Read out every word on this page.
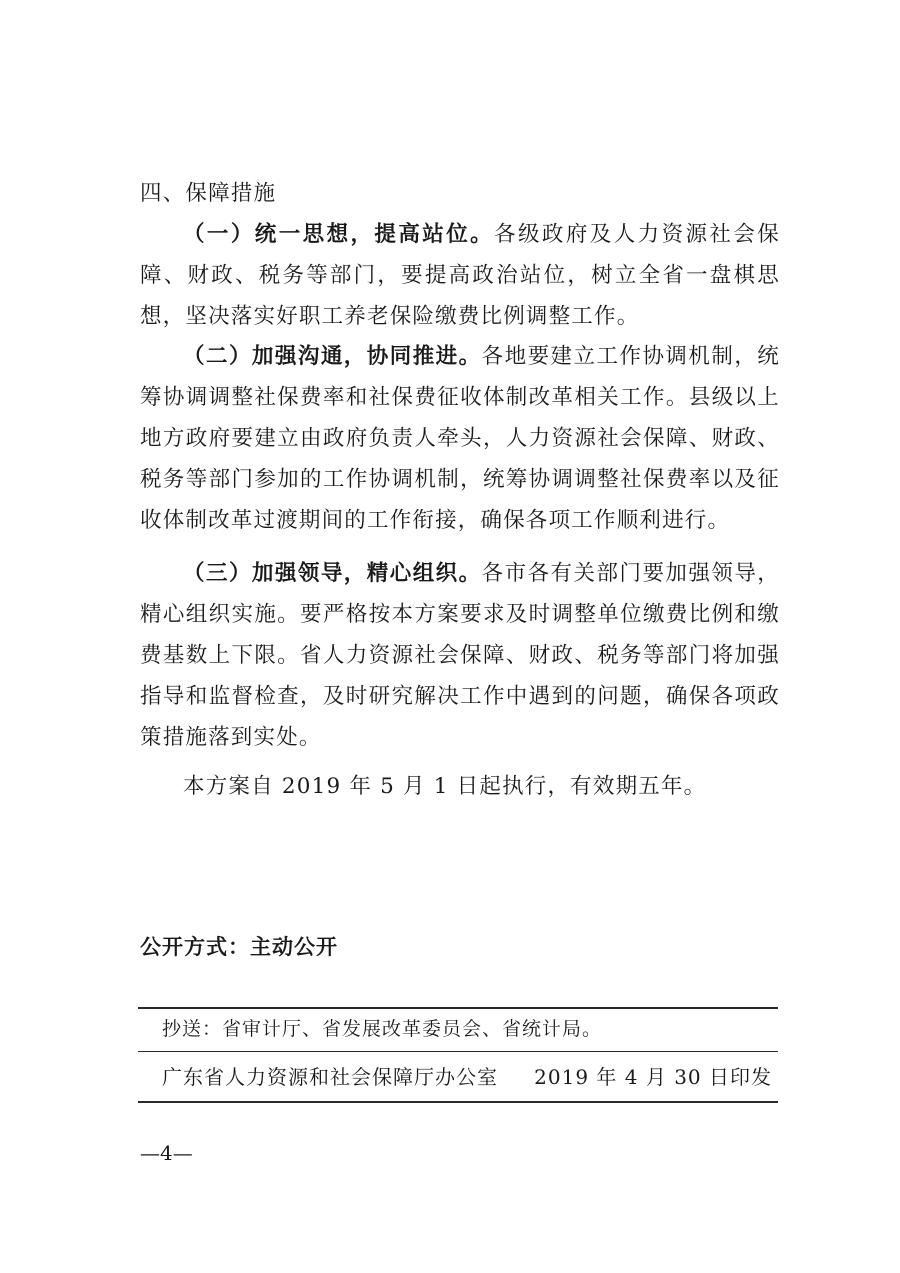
四、保障措施

（一）统一思想，提高站位。各级政府及人力资源社会保障、财政、税务等部门，要提高政治站位，树立全省一盘棋思想，坚决落实好职工养老保险缴费比例调整工作。

（二）加强沟通，协同推进。各地要建立工作协调机制，统筹协调调整社保费率和社保费征收体制改革相关工作。县级以上地方政府要建立由政府负责人牵头，人力资源社会保障、财政、税务等部门参加的工作协调机制，统筹协调调整社保费率以及征收体制改革过渡期间的工作衔接，确保各项工作顺利进行。

（三）加强领导，精心组织。各市各有关部门要加强领导，精心组织实施。要严格按本方案要求及时调整单位缴费比例和缴费基数上下限。省人力资源社会保障、财政、税务等部门将加强指导和监督检查，及时研究解决工作中遇到的问题，确保各项政策措施落到实处。

本方案自 2019 年 5 月 1 日起执行，有效期五年。

公开方式：主动公开
抄送：省审计厅、省发展改革委员会、省统计局。
广东省人力资源和社会保障厅办公室 2019 年 4 月 30 日印发
—4—
